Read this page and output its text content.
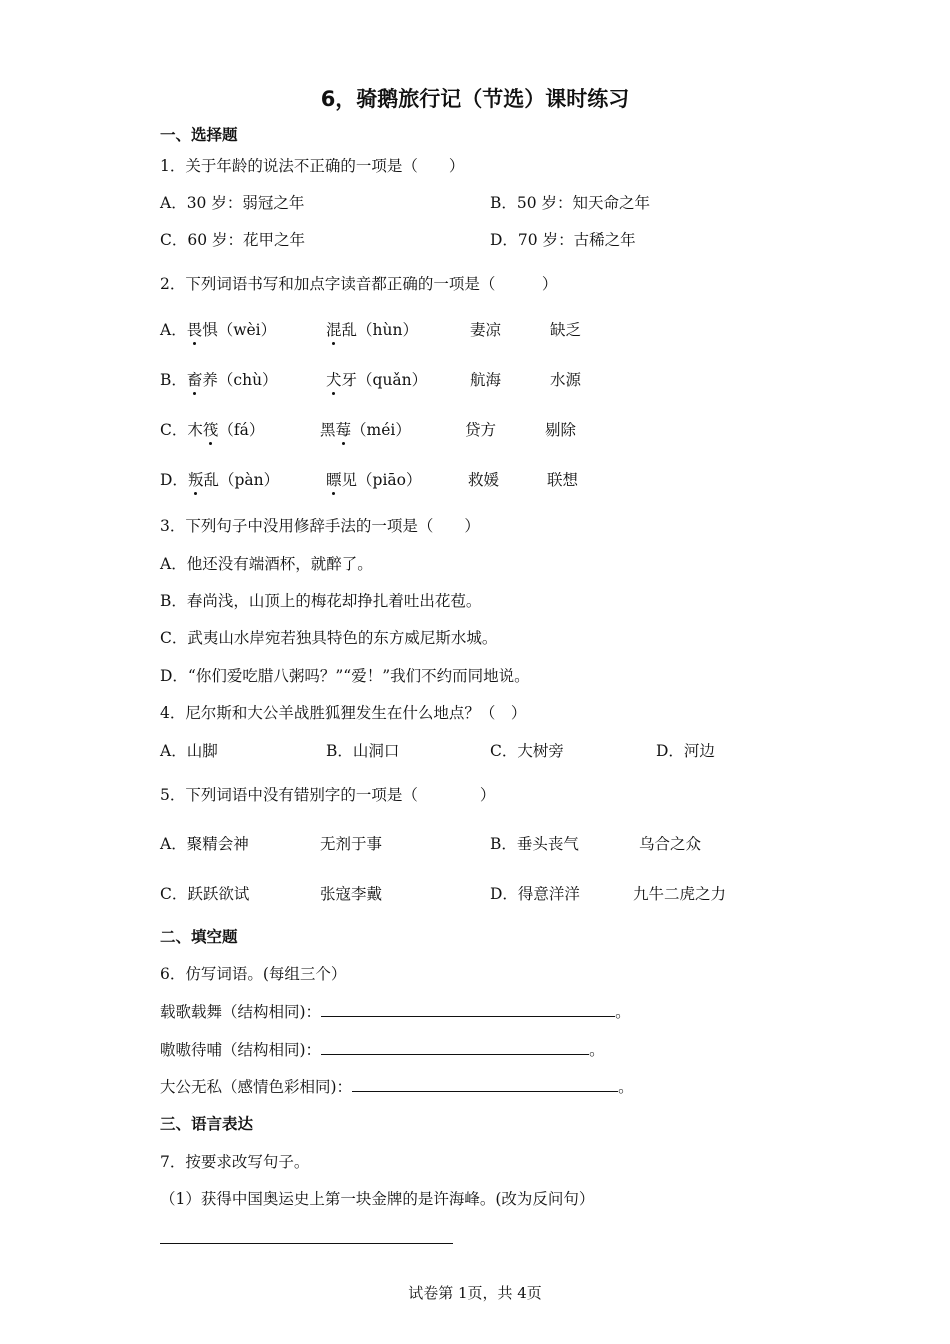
6，骑鹅旅行记（节选）课时练习
一、选择题
1．关于年龄的说法不正确的一项是（　　）
A．30 岁：弱冠之年	B．50 岁：知天命之年
C．60 岁：花甲之年	D．70 岁：古稀之年
2．下列词语书写和加点字读音都正确的一项是（　　　）
A．畏惧（wèi）	混乱（hùn）	妻凉	缺乏
B．畜养（chù）	犬牙（quǎn）	航海	水源
C．木筏（fá）	黑莓（méi）	贷方	剔除
D．叛乱（pàn）	瞟见（piāo）	救媛	联想
3．下列句子中没用修辞手法的一项是（　　）
A．他还没有端酒杯，就醉了。
B．春尚浅，山顶上的梅花却挣扎着吐出花苞。
C．武夷山水岸宛若独具特色的东方威尼斯水城。
D．“你们爱吃腊八粥吗？”“爱！”我们不约而同地说。
4．尼尔斯和大公羊战胜狐狸发生在什么地点？（　）
A．山脚	B．山洞口	C．大树旁	D．河边
5．下列词语中没有错别字的一项是（　　　　）
A．聚精会神	无剂于事	B．垂头丧气	乌合之众
C．跃跃欲试	张寇李戴	D．得意洋洋	九牛二虎之力
二、填空题
6．仿写词语。(每组三个）
载歌载舞（结构相同)：	。
嗷嗷待哺（结构相同)：	。
大公无私（感情色彩相同)：	。
三、语言表达
7．按要求改写句子。
（1）获得中国奥运史上第一块金牌的是许海峰。(改为反问句）
试卷第 1页，共 4页
